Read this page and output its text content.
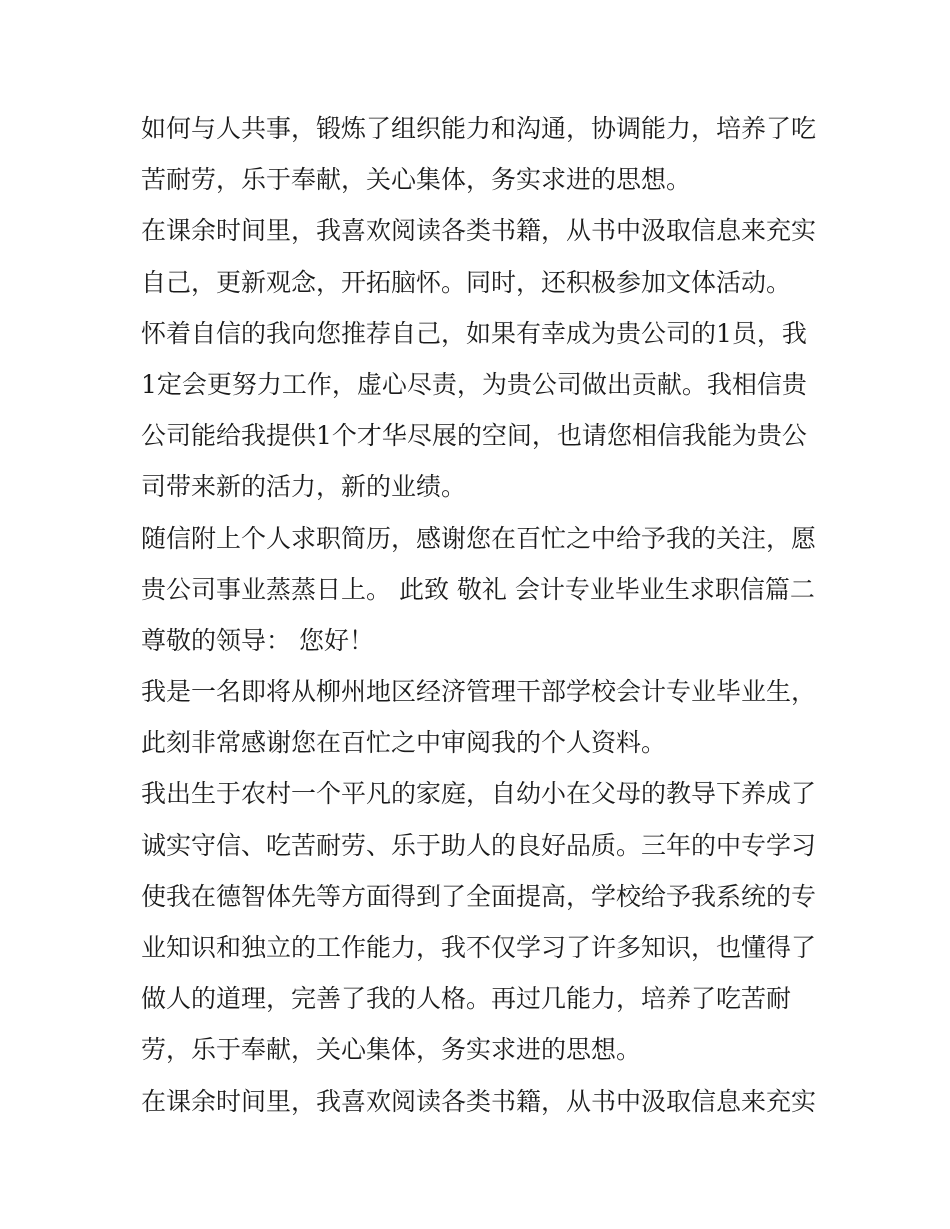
如何与人共事，锻炼了组织能力和沟通，协调能力，培养了吃
苦耐劳，乐于奉献，关心集体，务实求进的思想。
在课余时间里，我喜欢阅读各类书籍，从书中汲取信息来充实
自己，更新观念，开拓脑怀。同时，还积极参加文体活动。
怀着自信的我向您推荐自己，如果有幸成为贵公司的1员，我
1定会更努力工作，虚心尽责，为贵公司做出贡献。我相信贵
公司能给我提供1个才华尽展的空间，也请您相信我能为贵公
司带来新的活力，新的业绩。
随信附上个人求职简历，感谢您在百忙之中给予我的关注，愿
贵公司事业蒸蒸日上。 此致 敬礼 会计专业毕业生求职信篇二
尊敬的领导： 您好！
我是一名即将从柳州地区经济管理干部学校会计专业毕业生，
此刻非常感谢您在百忙之中审阅我的个人资料。
我出生于农村一个平凡的家庭，自幼小在父母的教导下养成了
诚实守信、吃苦耐劳、乐于助人的良好品质。三年的中专学习
使我在德智体先等方面得到了全面提高，学校给予我系统的专
业知识和独立的工作能力，我不仅学习了许多知识，也懂得了
做人的道理，完善了我的人格。再过几能力，培养了吃苦耐
劳，乐于奉献，关心集体，务实求进的思想。
在课余时间里，我喜欢阅读各类书籍，从书中汲取信息来充实
